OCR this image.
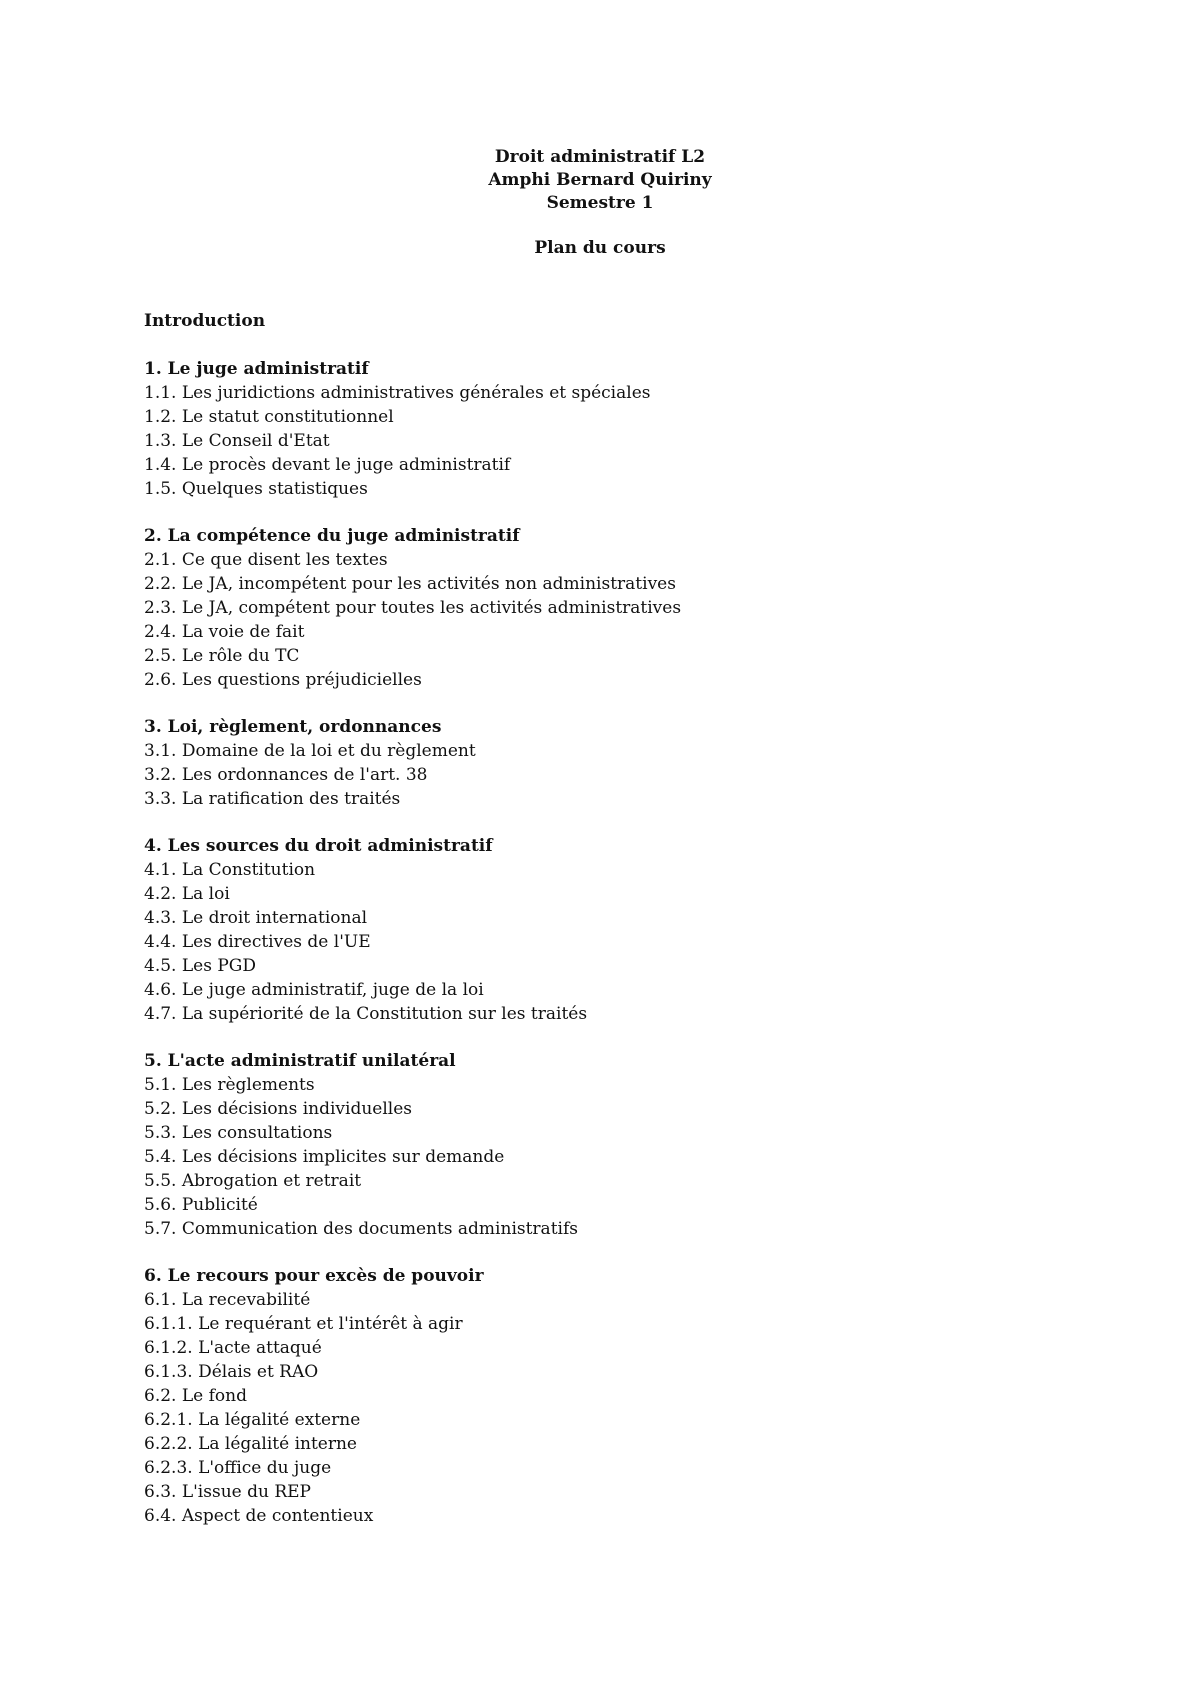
Droit administratif L2
Amphi Bernard Quiriny
Semestre 1
Plan du cours
Introduction
1. Le juge administratif
1.1. Les juridictions administratives générales et spéciales
1.2. Le statut constitutionnel
1.3. Le Conseil d'Etat
1.4. Le procès devant le juge administratif
1.5. Quelques statistiques
2. La compétence du juge administratif
2.1. Ce que disent les textes
2.2. Le JA, incompétent pour les activités non administratives
2.3. Le JA, compétent pour toutes les activités administratives
2.4. La voie de fait
2.5. Le rôle du TC
2.6. Les questions préjudicielles
3. Loi, règlement, ordonnances
3.1. Domaine de la loi et du règlement
3.2. Les ordonnances de l'art. 38
3.3. La ratification des traités
4. Les sources du droit administratif
4.1. La Constitution
4.2. La loi
4.3. Le droit international
4.4. Les directives de l'UE
4.5. Les PGD
4.6. Le juge administratif, juge de la loi
4.7. La supériorité de la Constitution sur les traités
5. L'acte administratif unilatéral
5.1. Les règlements
5.2. Les décisions individuelles
5.3. Les consultations
5.4. Les décisions implicites sur demande
5.5. Abrogation et retrait
5.6. Publicité
5.7. Communication des documents administratifs
6. Le recours pour excès de pouvoir
6.1. La recevabilité
6.1.1. Le requérant et l'intérêt à agir
6.1.2. L'acte attaqué
6.1.3. Délais et RAO
6.2. Le fond
6.2.1. La légalité externe
6.2.2. La légalité interne
6.2.3. L'office du juge
6.3. L'issue du REP
6.4. Aspect de contentieux
